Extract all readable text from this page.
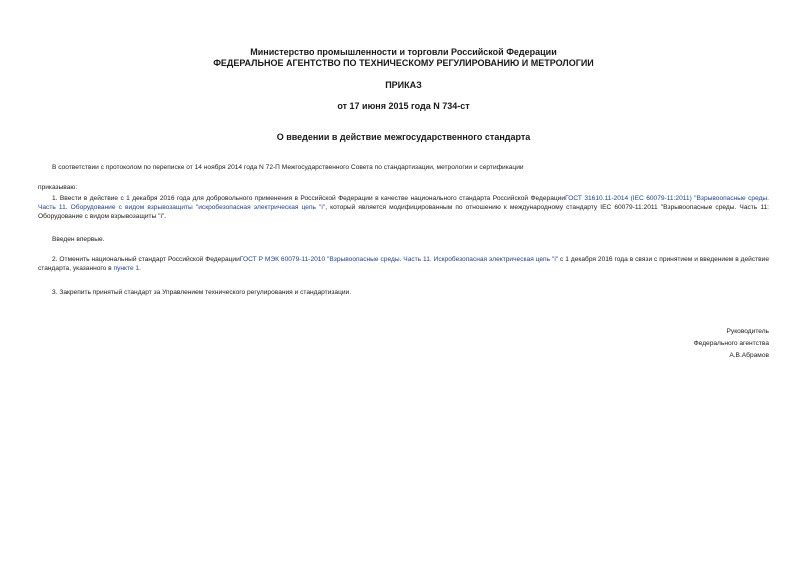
Министерство промышленности и торговли Российской Федерации
ФЕДЕРАЛЬНОЕ АГЕНТСТВО ПО ТЕХНИЧЕСКОМУ РЕГУЛИРОВАНИЮ И МЕТРОЛОГИИ
ПРИКАЗ
от 17 июня 2015 года N 734-ст
О введении в действие межгосударственного стандарта
В соответствии с протоколом по переписке от 14 ноября 2014 года N 72-П Межгосударственного Совета по стандартизации, метрологии и сертификации
приказываю:
1. Ввести в действие с 1 декабря 2016 года для добровольного применения в Российской Федерации в качестве национального стандарта Российской ФедерацииГОСТ 31610.11-2014 (IEC 60079-11:2011) "Взрывоопасные среды. Часть 11. Оборудование с видом взрывозащиты "искробезопасная электрическая цепь "i", который является модифицированным по отношению к международному стандарту IEC 60079-11:2011 "Взрывоопасные среды. Часть 11: Оборудование с видом взрывозащиты "i".
Введен впервые.
2. Отменить национальный стандарт Российской ФедерацииГОСТ Р МЭК 60079-11-2010 "Взрывоопасные среды. Часть 11. Искробезопасная электрическая цепь "i" с 1 декабря 2016 года в связи с принятием и введением в действие стандарта, указанного в пункте 1.
3. Закрепить принятый стандарт за Управлением технического регулирования и стандартизации.
Руководитель
Федерального агентства
А.В.Абрамов
